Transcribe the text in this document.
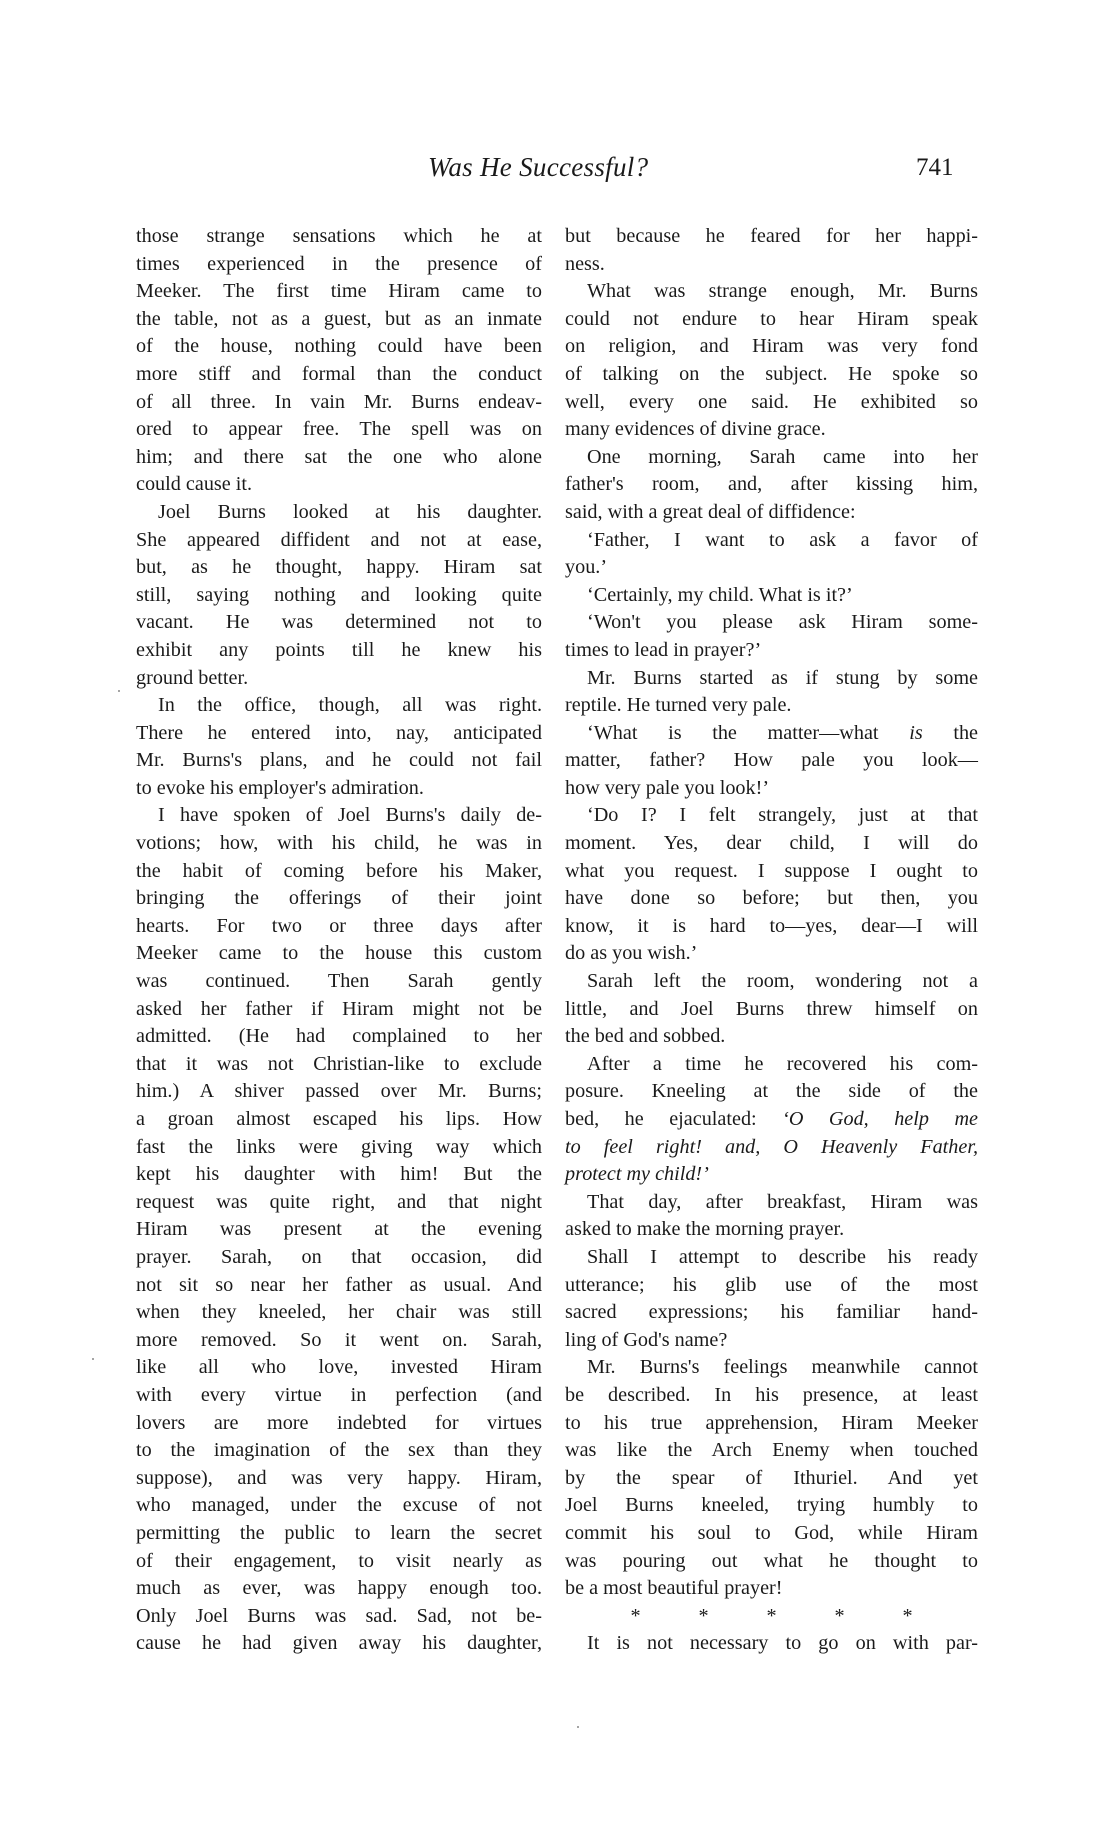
Was He Successful?	741
those strange sensations which he at
times experienced in the presence of
Meeker. The first time Hiram came to
the table, not as a guest, but as an inmate
of the house, nothing could have been
more stiff and formal than the conduct
of all three. In vain Mr. Burns endeav-
ored to appear free. The spell was on
him; and there sat the one who alone
could cause it.
Joel Burns looked at his daughter.
She appeared diffident and not at ease,
but, as he thought, happy. Hiram sat
still, saying nothing and looking quite
vacant. He was determined not to
exhibit any points till he knew his
ground better.
In the office, though, all was right.
There he entered into, nay, anticipated
Mr. Burns's plans, and he could not fail
to evoke his employer's admiration.
I have spoken of Joel Burns's daily de-
votions; how, with his child, he was in
the habit of coming before his Maker,
bringing the offerings of their joint
hearts. For two or three days after
Meeker came to the house this custom
was continued. Then Sarah gently
asked her father if Hiram might not be
admitted. (He had complained to her
that it was not Christian-like to exclude
him.) A shiver passed over Mr. Burns;
a groan almost escaped his lips. How
fast the links were giving way which
kept his daughter with him! But the
request was quite right, and that night
Hiram was present at the evening
prayer. Sarah, on that occasion, did
not sit so near her father as usual. And
when they kneeled, her chair was still
more removed. So it went on. Sarah,
like all who love, invested Hiram
with every virtue in perfection (and
lovers are more indebted for virtues
to the imagination of the sex than they
suppose), and was very happy. Hiram,
who managed, under the excuse of not
permitting the public to learn the secret
of their engagement, to visit nearly as
much as ever, was happy enough too.
Only Joel Burns was sad. Sad, not be-
cause he had given away his daughter,
but because he feared for her happi-
ness.
What was strange enough, Mr. Burns
could not endure to hear Hiram speak
on religion, and Hiram was very fond
of talking on the subject. He spoke so
well, every one said. He exhibited so
many evidences of divine grace.
One morning, Sarah came into her
father's room, and, after kissing him,
said, with a great deal of diffidence:
‘Father, I want to ask a favor of
you.’
‘Certainly, my child. What is it?’
‘Won't you please ask Hiram some-
times to lead in prayer?’
Mr. Burns started as if stung by some
reptile. He turned very pale.
‘What is the matter—what is the
matter, father? How pale you look—
how very pale you look!’
‘Do I? I felt strangely, just at that
moment. Yes, dear child, I will do
what you request. I suppose I ought to
have done so before; but then, you
know, it is hard to—yes, dear—I will
do as you wish.’
Sarah left the room, wondering not a
little, and Joel Burns threw himself on
the bed and sobbed.
After a time he recovered his com-
posure. Kneeling at the side of the
bed, he ejaculated: ‘O God, help me
to feel right! and, O Heavenly Father,
protect my child!’
That day, after breakfast, Hiram was
asked to make the morning prayer.
Shall I attempt to describe his ready
utterance; his glib use of the most
sacred expressions; his familiar hand-
ling of God's name?
Mr. Burns's feelings meanwhile cannot
be described. In his presence, at least
to his true apprehension, Hiram Meeker
was like the Arch Enemy when touched
by the spear of Ithuriel. And yet
Joel Burns kneeled, trying humbly to
commit his soul to God, while Hiram
was pouring out what he thought to
be a most beautiful prayer!
*	*	*	*	*
It is not necessary to go on with par-
